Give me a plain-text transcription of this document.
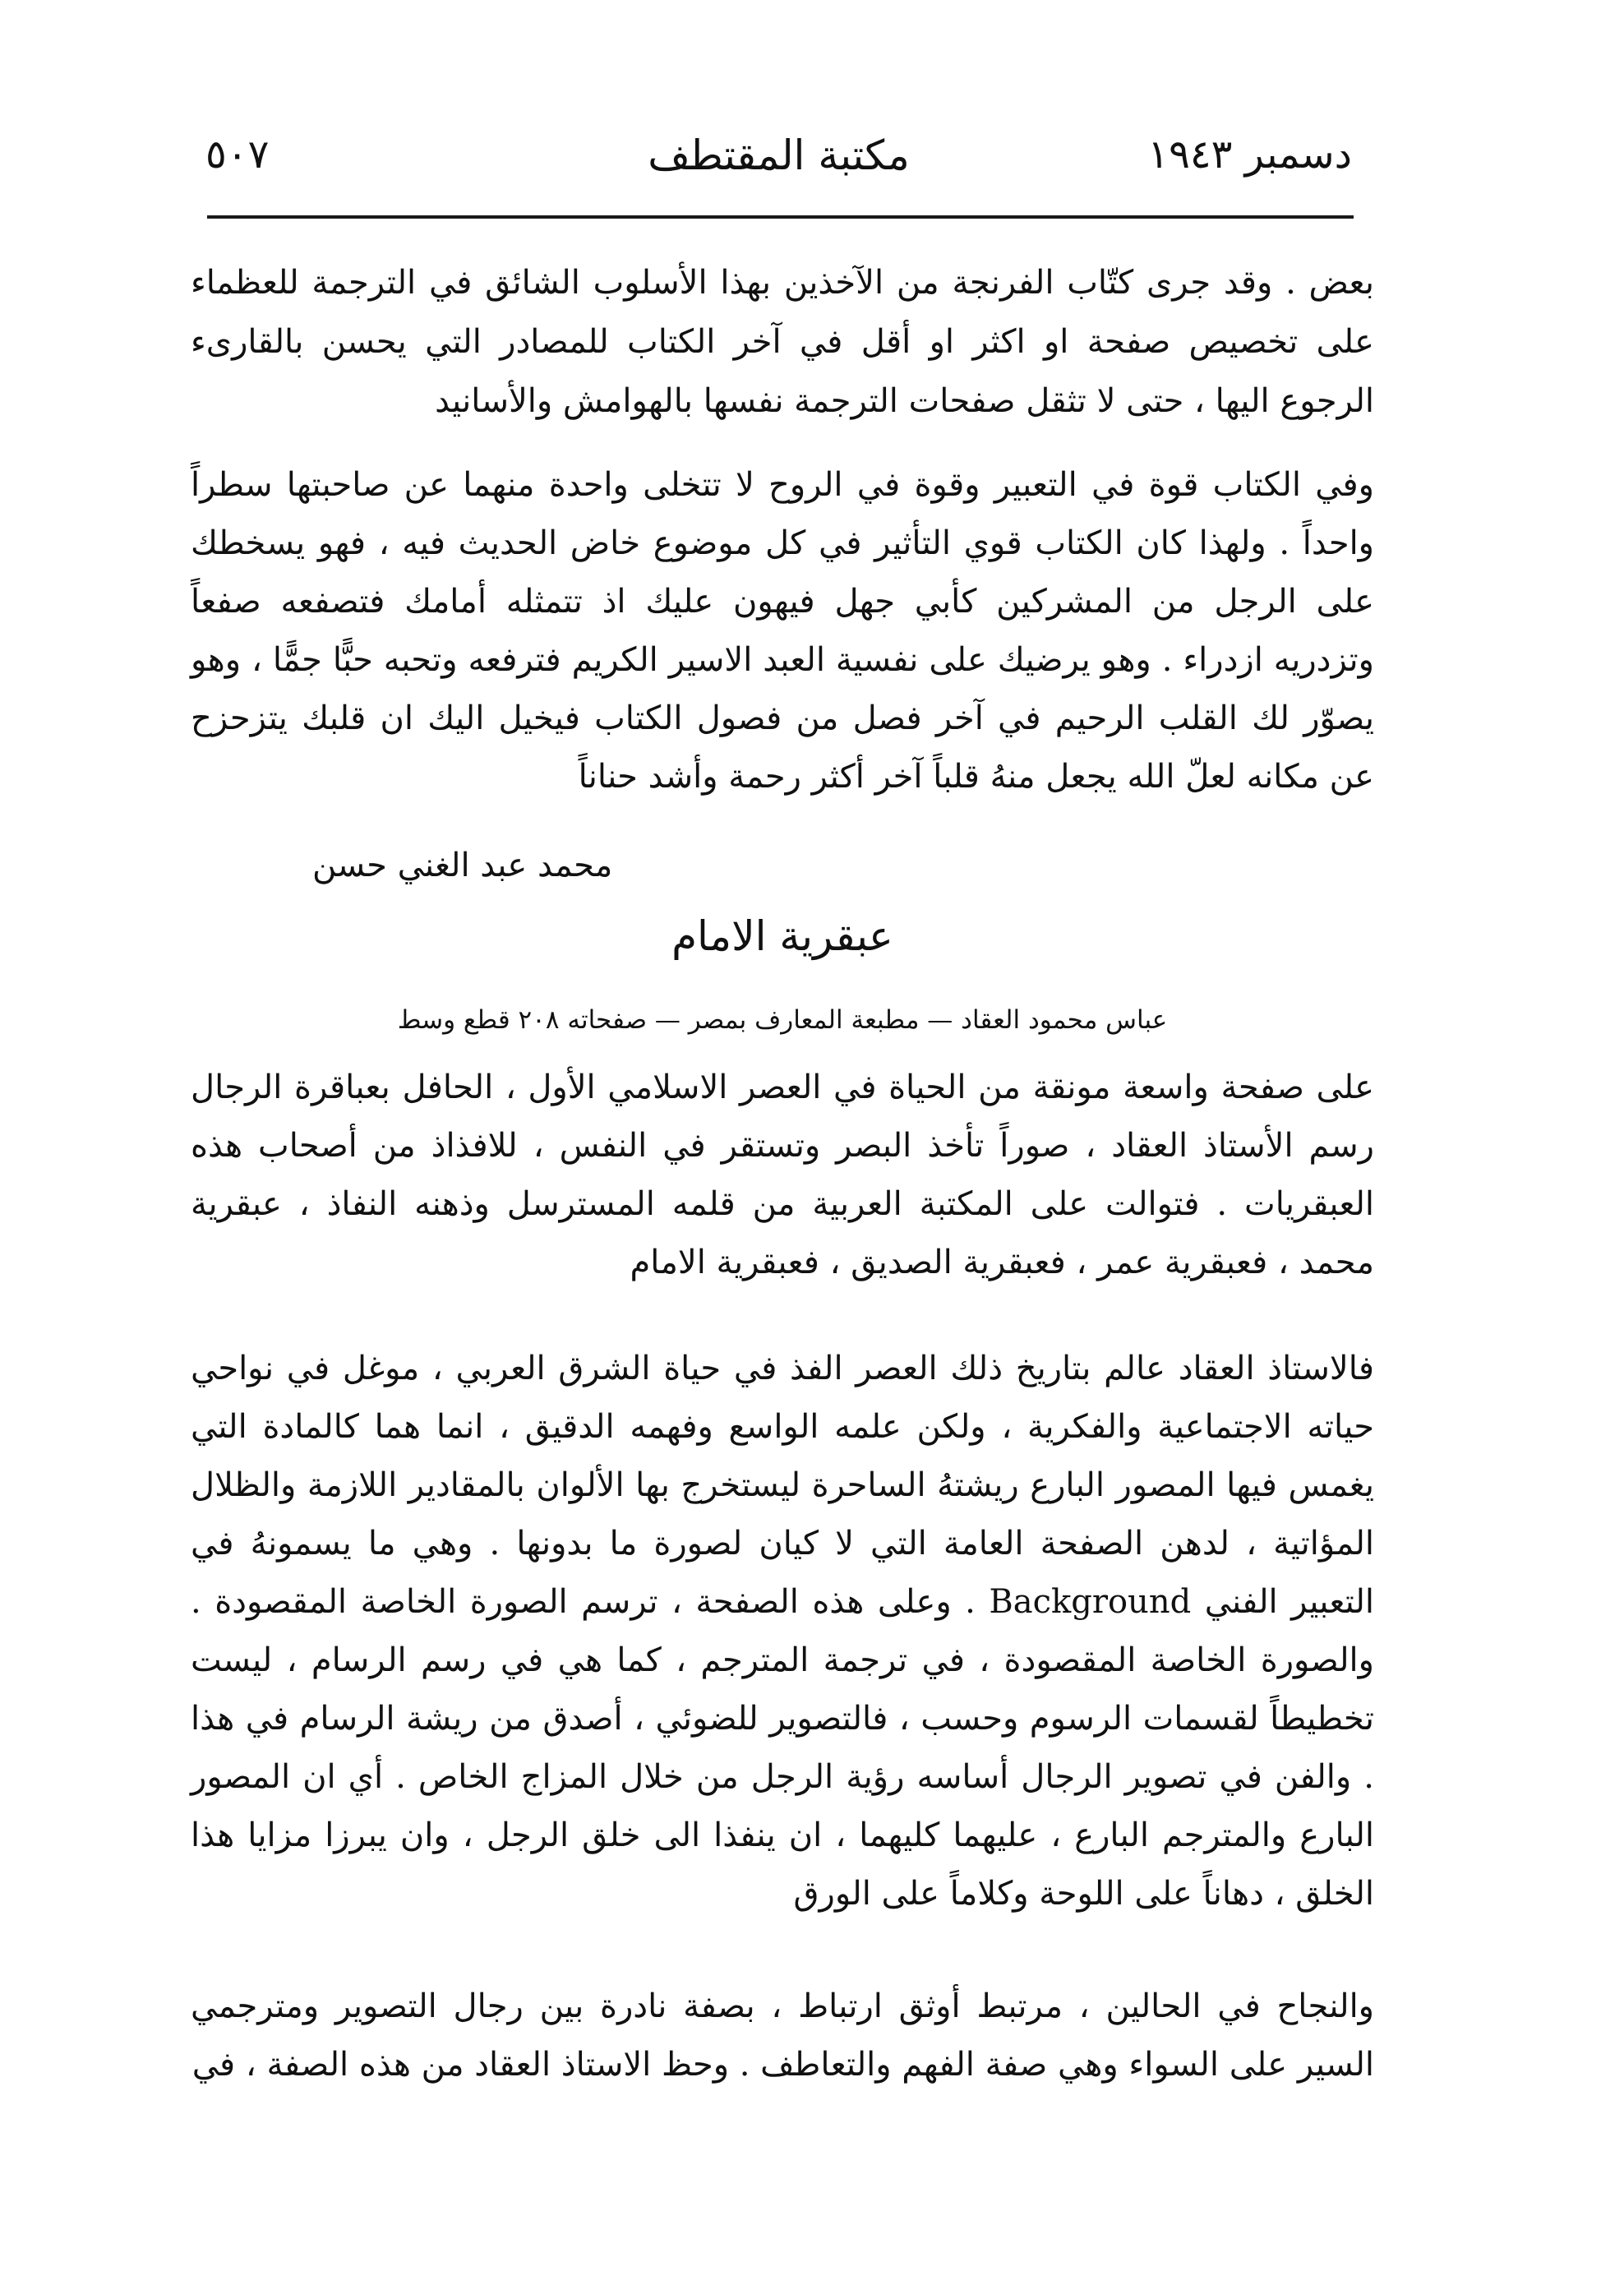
دسمبر ١٩٤٣
مكتبة المقتطف
٥٠٧

بعض . وقد جرى كتّاب الفرنجة من الآخذين بهذا الأسلوب الشائق في الترجمة للعظماء على تخصيص صفحة او اكثر او أقل في آخر الكتاب للمصادر التي يحسن بالقارىء الرجوع اليها ، حتى لا تثقل صفحات الترجمة نفسها بالهوامش والأسانيد

وفي الكتاب قوة في التعبير وقوة في الروح لا تتخلى واحدة منهما عن صاحبتها سطراً واحداً . ولهذا كان الكتاب قوي التأثير في كل موضوع خاض الحديث فيه ، فهو يسخطك على الرجل من المشركين كأبي جهل فيهون عليك اذ تتمثله أمامك فتصفعه صفعاً وتزدريه ازدراء . وهو يرضيك على نفسية العبد الاسير الكريم فترفعه وتحبه حبًّا جمًّا ، وهو يصوّر لك القلب الرحيم في آخر فصل من فصول الكتاب فيخيل اليك ان قلبك يتزحزح عن مكانه لعلّ الله يجعل منهُ قلباً آخر أكثر رحمة وأشد حناناً

محمد عبد الغني حسن
عبقرية الامام
عباس محمود العقاد — مطبعة المعارف بمصر — صفحاته ٢٠٨ قطع وسط

على صفحة واسعة مونقة من الحياة في العصر الاسلامي الأول ، الحافل بعباقرة الرجال رسم الأستاذ العقاد ، صوراً تأخذ البصر وتستقر في النفس ، للافذاذ من أصحاب هذه العبقريات . فتوالت على المكتبة العربية من قلمه المسترسل وذهنه النفاذ ، عبقرية محمد ، فعبقرية عمر ، فعبقرية الصديق ، فعبقرية الامام

فالاستاذ العقاد عالم بتاريخ ذلك العصر الفذ في حياة الشرق العربي ، موغل في نواحي حياته الاجتماعية والفكرية ، ولكن علمه الواسع وفهمه الدقيق ، انما هما كالمادة التي يغمس فيها المصور البارع ريشتهُ الساحرة ليستخرج بها الألوان بالمقادير اللازمة والظلال المؤاتية ، لدهن الصفحة العامة التي لا كيان لصورة ما بدونها . وهي ما يسمونهُ في التعبير الفني Background . وعلى هذه الصفحة ، ترسم الصورة الخاصة المقصودة . والصورة الخاصة المقصودة ، في ترجمة المترجم ، كما هي في رسم الرسام ، ليست تخطيطاً لقسمات الرسوم وحسب ، فالتصوير للضوئي ، أصدق من ريشة الرسام في هذا . والفن في تصوير الرجال أساسه رؤية الرجل من خلال المزاج الخاص . أي ان المصور البارع والمترجم البارع ، عليهما كليهما ، ان ينفذا الى خلق الرجل ، وان يبرزا مزايا هذا الخلق ، دهاناً على اللوحة وكلاماً على الورق

والنجاح في الحالين ، مرتبط أوثق ارتباط ، بصفة نادرة بين رجال التصوير ومترجمي السير على السواء وهي صفة الفهم والتعاطف . وحظ الاستاذ العقاد من هذه الصفة ، في
